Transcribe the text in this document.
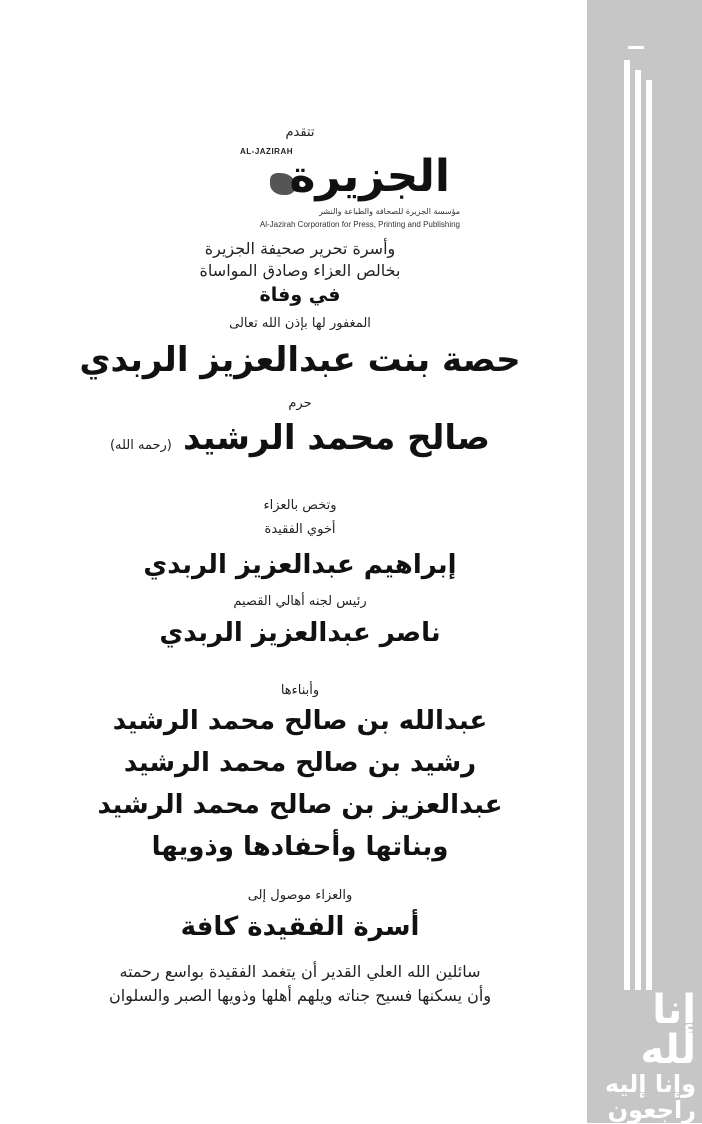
إنا لله
وإنا إليه
راجعون
تتقدم
AL-JAZIRAH
الجزيرة
مؤسسة الجزيرة للصحافة والطباعة والنشر
Al-Jazirah Corporation for Press, Printing and Publishing
وأسرة تحرير صحيفة الجزيرة
بخالص العزاء وصادق المواساة
في وفاة
المغفور لها بإذن الله تعالى
حصة بنت عبدالعزيز الربدي
حرم
صالح محمد الرشيد (رحمه الله)
وتخص بالعزاء
أخوي الفقيدة
إبراهيم عبدالعزيز الربدي
رئيس لجنه أهالي القصيم
ناصر عبدالعزيز الربدي
وأبناءها
عبدالله بن صالح محمد الرشيد
رشيد بن صالح محمد الرشيد
عبدالعزيز بن صالح محمد الرشيد
وبناتها وأحفادها وذويها
والعزاء موصول إلى
أسرة الفقيدة كافة
سائلين الله العلي القدير أن يتغمد الفقيدة بواسع رحمته
وأن يسكنها فسيح جناته ويلهم أهلها وذويها الصبر والسلوان
